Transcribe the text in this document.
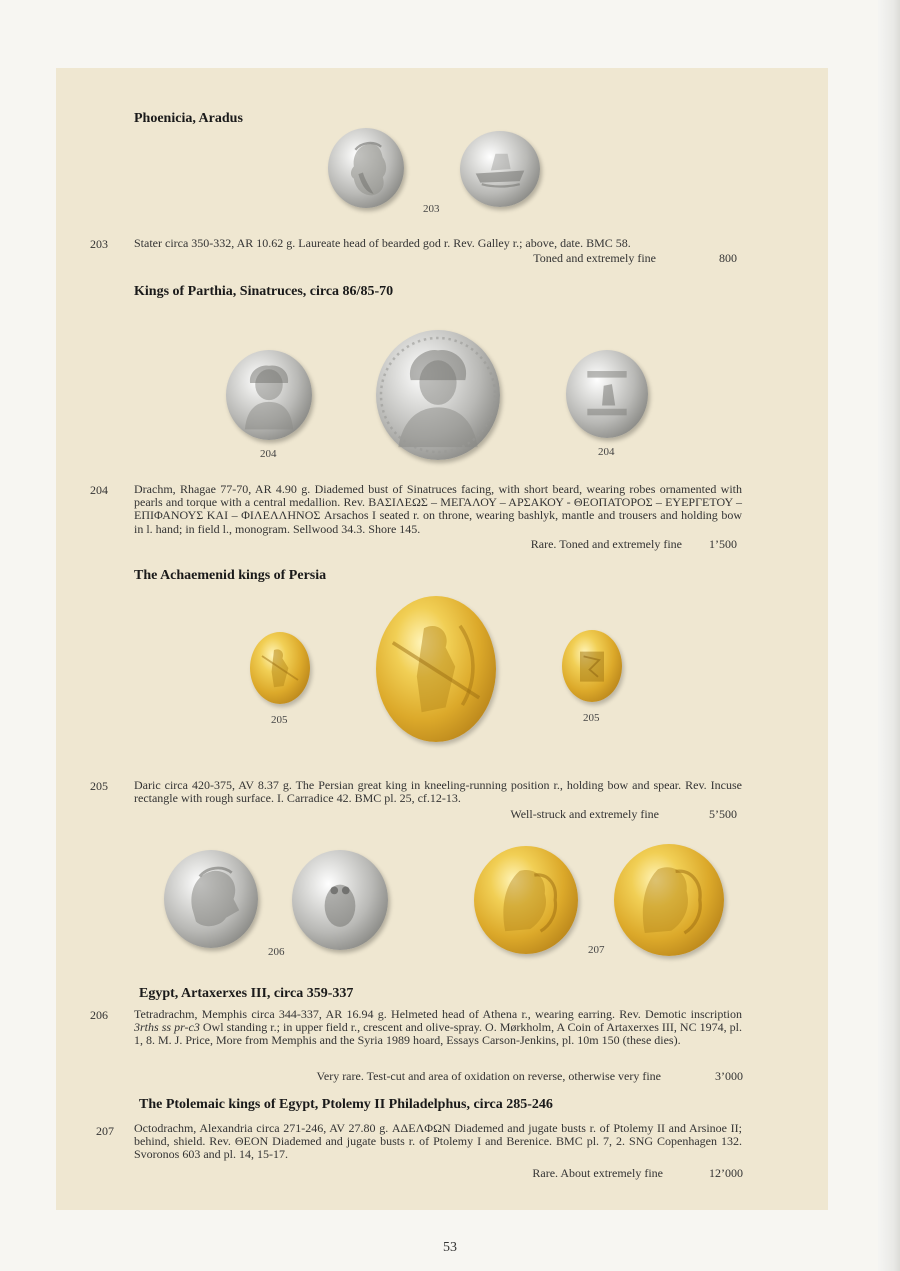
Phoenicia, Aradus
203
203 Stater circa 350-332, AR 10.62 g. Laureate head of bearded god r. Rev. Galley r.; above, date. BMC 58.
Toned and extremely fine	800
Kings of Parthia, Sinatruces, circa 86/85-70
204	204
204 Drachm, Rhagae 77-70, AR 4.90 g. Diademed bust of Sinatruces facing, with short beard, wearing robes ornamented with pearls and torque with a central medallion. Rev. ΒΑΣΙΛΕΩΣ – ΜΕΓΑΛΟΥ – ΑΡΣΑΚΟΥ - ΘΕΟΠΑΤΟΡΟΣ – ΕΥΕΡΓΕΤΟΥ – ΕΠΙΦΑΝΟΥΣ ΚΑΙ – ΦΙΛΕΛΛΗΝΟΣ Arsachos I seated r. on throne, wearing bashlyk, mantle and trousers and holding bow in l. hand; in field l., monogram. Sellwood 34.3. Shore 145.
Rare. Toned and extremely fine 1’500
The Achaemenid kings of Persia
205	205
205 Daric circa 420-375, AV 8.37 g. The Persian great king in kneeling-running position r., holding bow and spear. Rev. Incuse rectangle with rough surface. I. Carradice 42. BMC pl. 25, cf.12-13.
Well-struck and extremely fine	5’500
206	207
Egypt, Artaxerxes III, circa 359-337
206 Tetradrachm, Memphis circa 344-337, AR 16.94 g. Helmeted head of Athena r., wearing earring. Rev. Demotic inscription 3rths ss pr-c3 Owl standing r.; in upper field r., crescent and olive-spray. O. Mørkholm, A Coin of Artaxerxes III, NC 1974, pl. 1, 8. M. J. Price, More from Memphis and the Syria 1989 hoard, Essays Carson-Jenkins, pl. 10m 150 (these dies).
Very rare. Test-cut and area of oxidation on reverse, otherwise very fine	3’000
The Ptolemaic kings of Egypt, Ptolemy II Philadelphus, circa 285-246
207 Octodrachm, Alexandria circa 271-246, AV 27.80 g. ΑΔΕΛΦΩΝ Diademed and jugate busts r. of Ptolemy II and Arsinoe II; behind, shield. Rev. ΘΕΟΝ Diademed and jugate busts r. of Ptolemy I and Berenice. BMC pl. 7, 2. SNG Copenhagen 132. Svoronos 603 and pl. 14, 15-17.
Rare. About extremely fine	12’000
53
